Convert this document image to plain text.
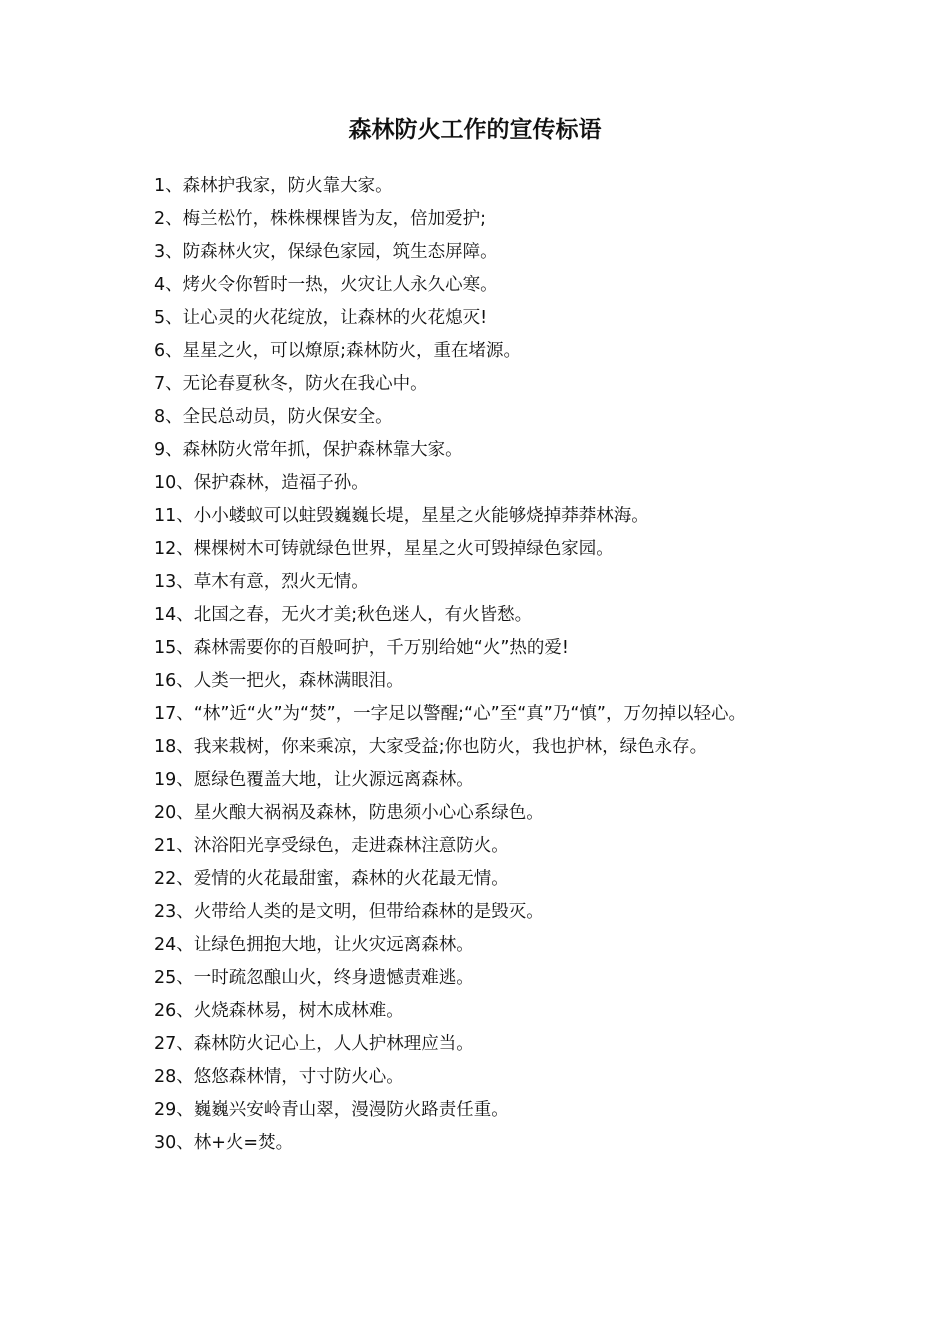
森林防火工作的宣传标语
1、森林护我家，防火靠大家。
2、梅兰松竹，株株棵棵皆为友，倍加爱护;
3、防森林火灾，保绿色家园，筑生态屏障。
4、烤火令你暂时一热，火灾让人永久心寒。
5、让心灵的火花绽放，让森林的火花熄灭!
6、星星之火，可以燎原;森林防火，重在堵源。
7、无论春夏秋冬，防火在我心中。
8、全民总动员，防火保安全。
9、森林防火常年抓，保护森林靠大家。
10、保护森林，造福子孙。
11、小小蝼蚁可以蛀毁巍巍长堤，星星之火能够烧掉莽莽林海。
12、棵棵树木可铸就绿色世界，星星之火可毁掉绿色家园。
13、草木有意，烈火无情。
14、北国之春，无火才美;秋色迷人，有火皆愁。
15、森林需要你的百般呵护，千万别给她“火”热的爱!
16、人类一把火，森林满眼泪。
17、“林”近“火”为“焚”，一字足以警醒;“心”至“真”乃“慎”，万勿掉以轻心。
18、我来栽树，你来乘凉，大家受益;你也防火，我也护林，绿色永存。
19、愿绿色覆盖大地，让火源远离森林。
20、星火酿大祸祸及森林，防患须小心心系绿色。
21、沐浴阳光享受绿色，走进森林注意防火。
22、爱情的火花最甜蜜，森林的火花最无情。
23、火带给人类的是文明，但带给森林的是毁灭。
24、让绿色拥抱大地，让火灾远离森林。
25、一时疏忽酿山火，终身遗憾责难逃。
26、火烧森林易，树木成林难。
27、森林防火记心上，人人护林理应当。
28、悠悠森林情，寸寸防火心。
29、巍巍兴安岭青山翠，漫漫防火路责任重。
30、林+火=焚。
